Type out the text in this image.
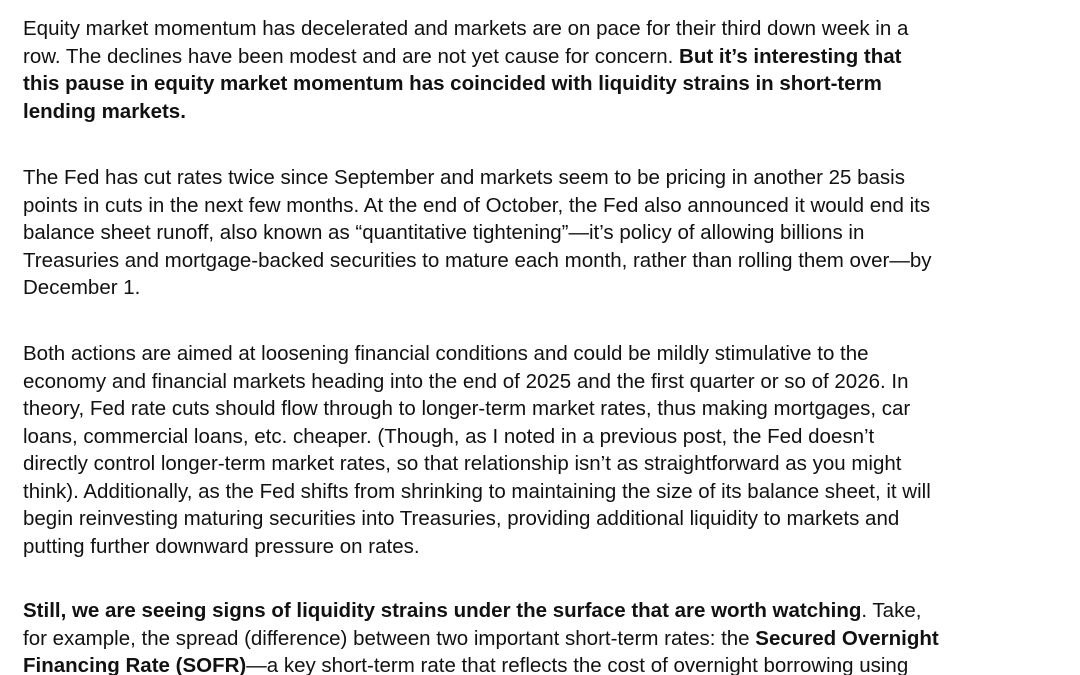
Equity market momentum has decelerated and markets are on pace for their third down week in a
row. The declines have been modest and are not yet cause for concern. But it’s interesting that
this pause in equity market momentum has coincided with liquidity strains in short-term
lending markets.
The Fed has cut rates twice since September and markets seem to be pricing in another 25 basis
points in cuts in the next few months. At the end of October, the Fed also announced it would end its
balance sheet runoff, also known as “quantitative tightening”—it’s policy of allowing billions in
Treasuries and mortgage-backed securities to mature each month, rather than rolling them over—by
December 1.
Both actions are aimed at loosening financial conditions and could be mildly stimulative to the
economy and financial markets heading into the end of 2025 and the first quarter or so of 2026. In
theory, Fed rate cuts should flow through to longer-term market rates, thus making mortgages, car
loans, commercial loans, etc. cheaper. (Though, as I noted in a previous post, the Fed doesn’t
directly control longer-term market rates, so that relationship isn’t as straightforward as you might
think). Additionally, as the Fed shifts from shrinking to maintaining the size of its balance sheet, it will
begin reinvesting maturing securities into Treasuries, providing additional liquidity to markets and
putting further downward pressure on rates.
Still, we are seeing signs of liquidity strains under the surface that are worth watching. Take,
for example, the spread (difference) between two important short-term rates: the Secured Overnight
Financing Rate (SOFR)—a key short-term rate that reflects the cost of overnight borrowing using
